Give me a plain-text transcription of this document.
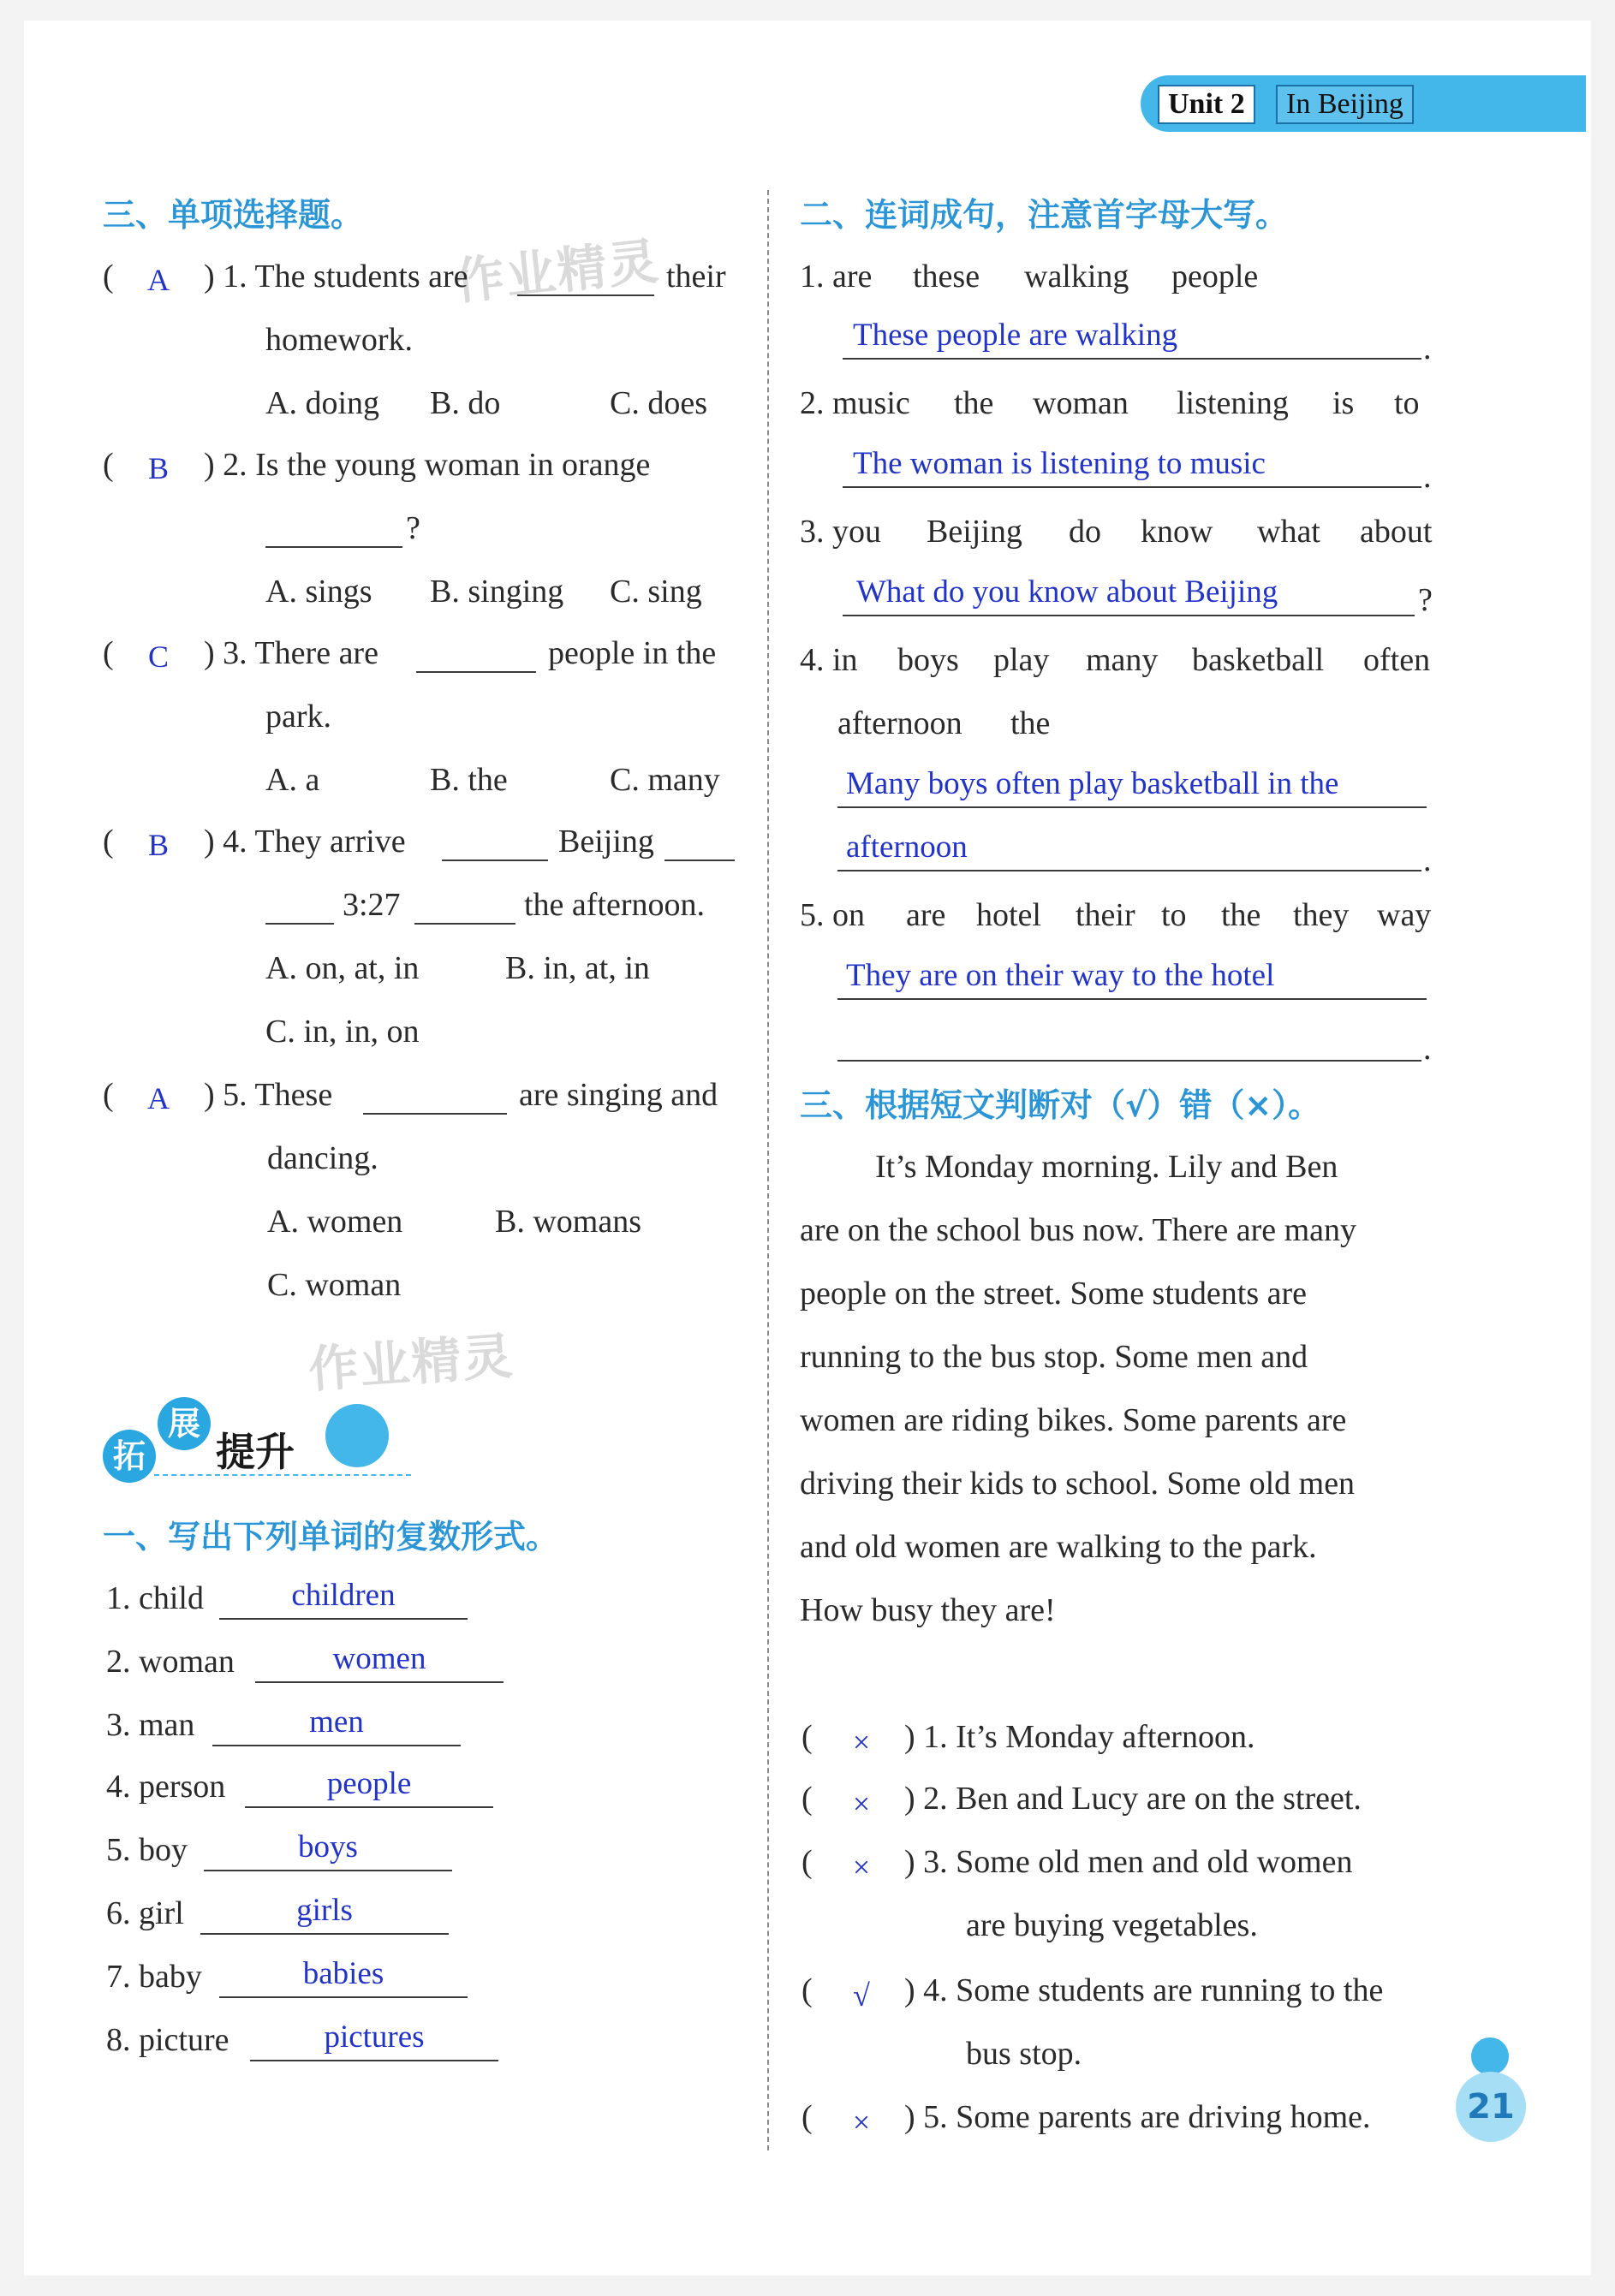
Unit 2	In Beijing
作业精灵
作业精灵
三、单项选择题。
(	A	) 1. The students are	their
homework.
A. doing B. do	C. does
(	B	) 2. Is the young woman in orange
?
A. sings B. singing C. sing
(	C	) 3. There are	people in the
park.
A. a	B. the	C. many
(	B	) 4. They arrive	Beijing
3:27	the afternoon.
A. on, at, in	B. in, at, in
C. in, in, on
(	A	) 5. These	are singing and
dancing.
A. women	B. womans
C. woman
拓
展
提升
一、写出下列单词的复数形式。
1. child	children
2. woman	women
3. man	men
4. person	people
5. boy	boys
6. girl	girls
7. baby	babies
8. picture	pictures
二、连词成句，注意首字母大写。
1. are these walking people
These people are walking	.
2. music the woman listening is to
The woman is listening to music	.
3. you Beijing do know what about
What do you know about Beijing	?
4. in boys play many basketball often
afternoon the
Many boys often play basketball in the
afternoon	.
5. on are hotel their to the they way
They are on their way to the hotel
.
三、根据短文判断对（√）错（×）。
It’s Monday morning. Lily and Ben
are on the school bus now. There are many
people on the street. Some students are
running to the bus stop. Some men and
women are riding bikes. Some parents are
driving their kids to school. Some old men
and old women are walking to the park.
How busy they are!
(	×	) 1. It’s Monday afternoon.
(	×	) 2. Ben and Lucy are on the street.
(	×	) 3. Some old men and old women
are buying vegetables.
(	√	) 4. Some students are running to the
bus stop.
(	×	) 5. Some parents are driving home.	21
